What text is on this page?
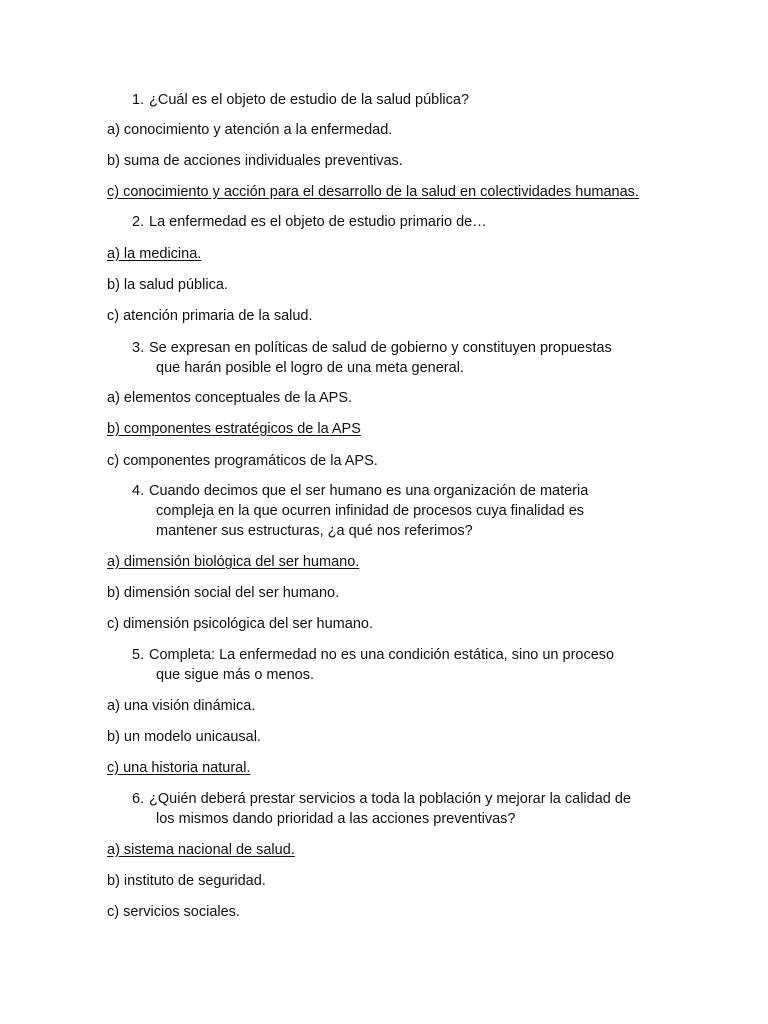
1. ¿Cuál es el objeto de estudio de la salud pública?
a) conocimiento y atención a la enfermedad.
b) suma de acciones individuales preventivas.
c) conocimiento y acción para el desarrollo de la salud en colectividades humanas.
2. La enfermedad es el objeto de estudio primario de…
a) la medicina.
b) la salud pública.
c) atención primaria de la salud.
3. Se expresan en políticas de salud de gobierno y constituyen propuestas
que harán posible el logro de una meta general.
a) elementos conceptuales de la APS.
b) componentes estratégicos de la APS
c) componentes programáticos de la APS.
4. Cuando decimos que el ser humano es una organización de materia
compleja en la que ocurren infinidad de procesos cuya finalidad es
mantener sus estructuras, ¿a qué nos referimos?
a) dimensión biológica del ser humano.
b) dimensión social del ser humano.
c) dimensión psicológica del ser humano.
5. Completa: La enfermedad no es una condición estática, sino un proceso
que sigue más o menos.
a) una visión dinámica.
b) un modelo unicausal.
c) una historia natural.
6. ¿Quién deberá prestar servicios a toda la población y mejorar la calidad de
los mismos dando prioridad a las acciones preventivas?
a) sistema nacional de salud.
b) instituto de seguridad.
c) servicios sociales.
